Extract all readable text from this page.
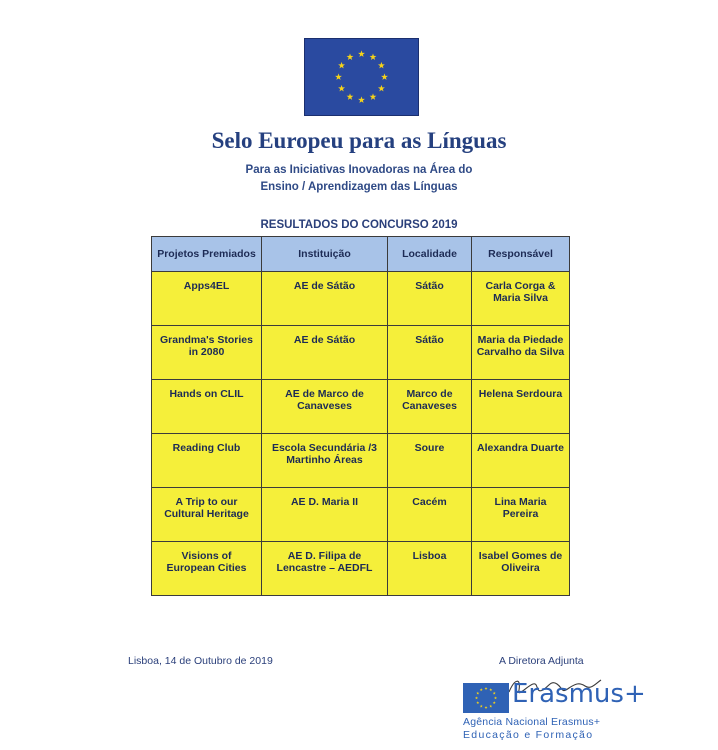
Selo Europeu para as Línguas
Para as Iniciativas Inovadoras na Área do
Ensino / Aprendizagem das Línguas
RESULTADOS DO CONCURSO 2019
Projetos Premiados	Instituição	Localidade	Responsável
Apps4EL	AE de Sátão	Sátão	Carla Corga & Maria Silva
Grandma's Stories in 2080	AE de Sátão	Sátão	Maria da Piedade Carvalho da Silva
Hands on CLIL	AE de Marco de Canaveses	Marco de Canaveses	Helena Serdoura
Reading Club	Escola Secundária /3 Martinho Áreas	Soure	Alexandra Duarte
A Trip to our Cultural Heritage	AE D. Maria II	Cacém	Lina Maria Pereira
Visions of European Cities	AE D. Filipa de Lencastre – AEDFL	Lisboa	Isabel Gomes de Oliveira
Lisboa, 14 de Outubro de 2019	A Diretora Adjunta
Erasmus+
Agência Nacional Erasmus+
Educação e Formação
